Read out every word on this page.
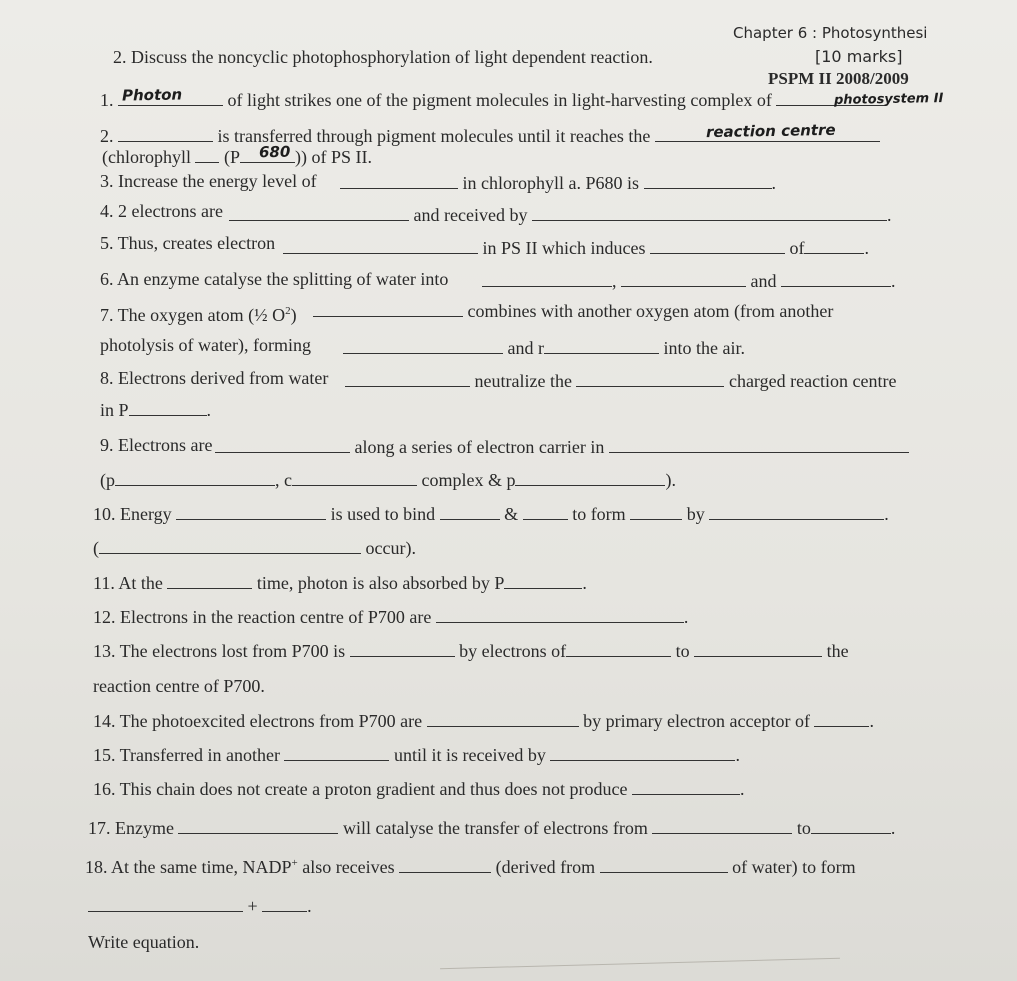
Chapter 6 : Photosynthesi
[10 marks]
PSPM II 2008/2009
2. Discuss the noncyclic photophosphorylation of light dependent reaction.
1.	of light strikes one of the pigment molecules in light-harvesting complex of
Photon	photosystem II
2.	is transferred through pigment molecules until it reaches the	reaction centre
(chlorophyll (P	)) of PS II.
680
3. Increase the energy level of	in chlorophyll a. P680 is	.
4. 2 electrons are	and received by	.
5. Thus, creates electron	in PS II which induces	of	.
6. An enzyme catalyse the splitting of water into	,	and	.
7. The oxygen atom (½ $O^2$)	combines with another oxygen atom (from another
photolysis of water), forming	and r	into the air.
8. Electrons derived from water	neutralize the	charged reaction centre
in P	.
9. Electrons are	along a series of electron carrier in
(p	, c	complex & p	).
10. Energy	is used to bind	&	to form	by	.
(	occur).
11. At the	time, photon is also absorbed by P	.
12. Electrons in the reaction centre of P700 are	.
13. The electrons lost from P700 is	by electrons of	to	the
reaction centre of P700.
14. The photoexcited electrons from P700 are	by primary electron acceptor of	.
15. Transferred in another	until it is received by	.
16. This chain does not create a proton gradient and thus does not produce	.
17. Enzyme	will catalyse the transfer of electrons from	to	.
18. At the same time, NADP+ also receives	(derived from	of water) to form
+	.
Write equation.
